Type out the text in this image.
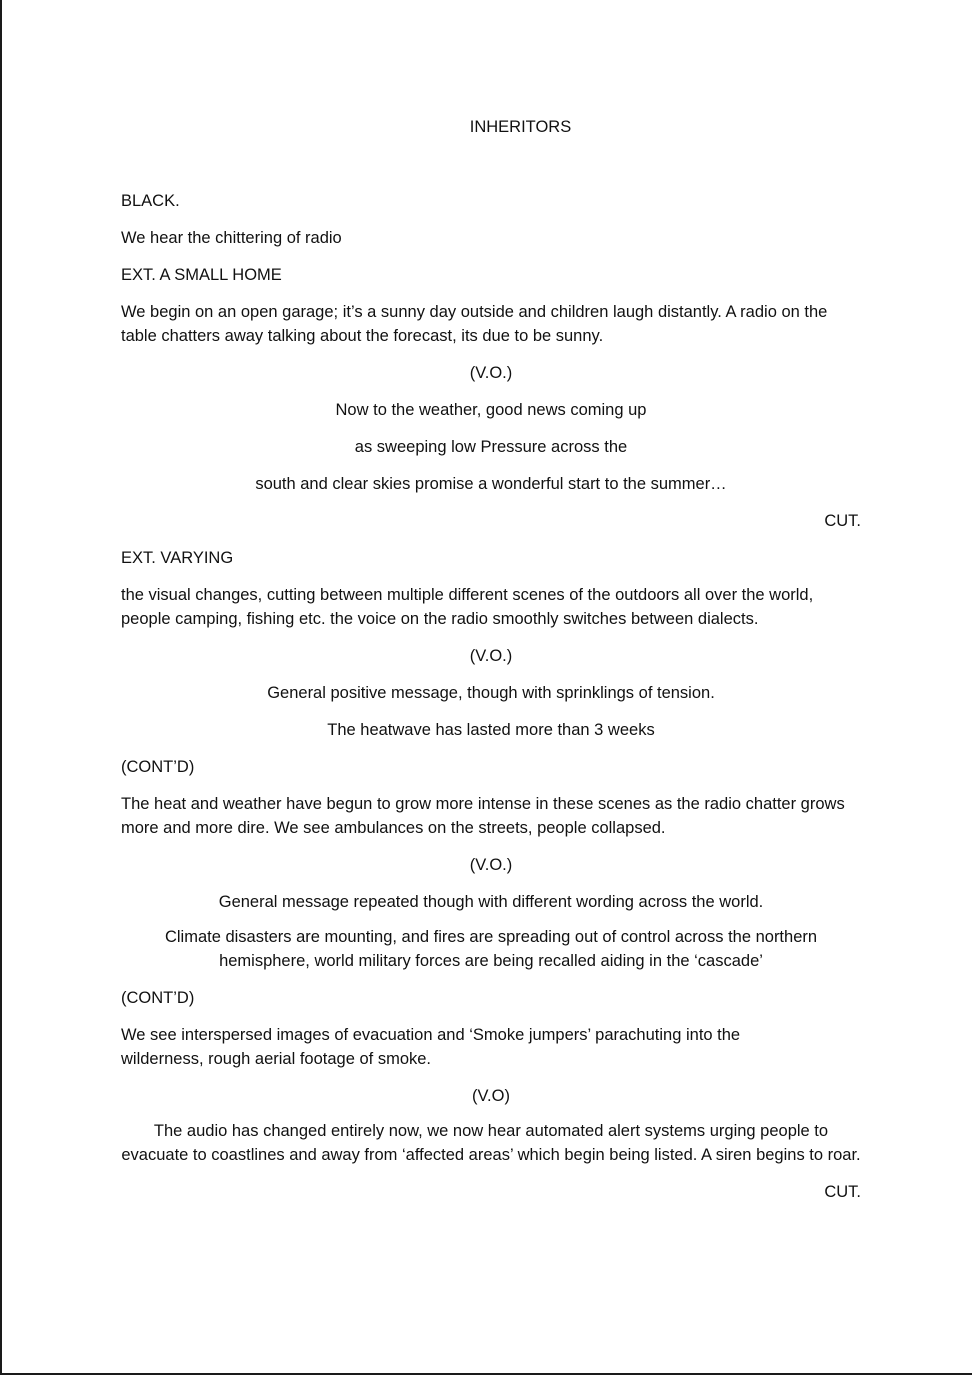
INHERITORS

BLACK.

We hear the chittering of radio

EXT. A SMALL HOME

We begin on an open garage; it’s a sunny day outside and children laugh distantly. A radio on the table chatters away talking about the forecast, its due to be sunny.

(V.O.)

Now to the weather, good news coming up

as sweeping low Pressure across the

south and clear skies promise a wonderful start to the summer…

CUT.

EXT. VARYING

the visual changes, cutting between multiple different scenes of the outdoors all over the world, people camping, fishing etc. the voice on the radio smoothly switches between dialects.

(V.O.)

General positive message, though with sprinklings of tension.

The heatwave has lasted more than 3 weeks

(CONT’D)

The heat and weather have begun to grow more intense in these scenes as the radio chatter grows more and more dire. We see ambulances on the streets, people collapsed.

(V.O.)

General message repeated though with different wording across the world.

Climate disasters are mounting, and fires are spreading out of control across the northern hemisphere, world military forces are being recalled aiding in the ‘cascade’

(CONT’D)

We see interspersed images of evacuation and ‘Smoke jumpers’ parachuting into the wilderness, rough aerial footage of smoke.

(V.O)

The audio has changed entirely now, we now hear automated alert systems urging people to evacuate to coastlines and away from ‘affected areas’ which begin being listed. A siren begins to roar.

CUT.
